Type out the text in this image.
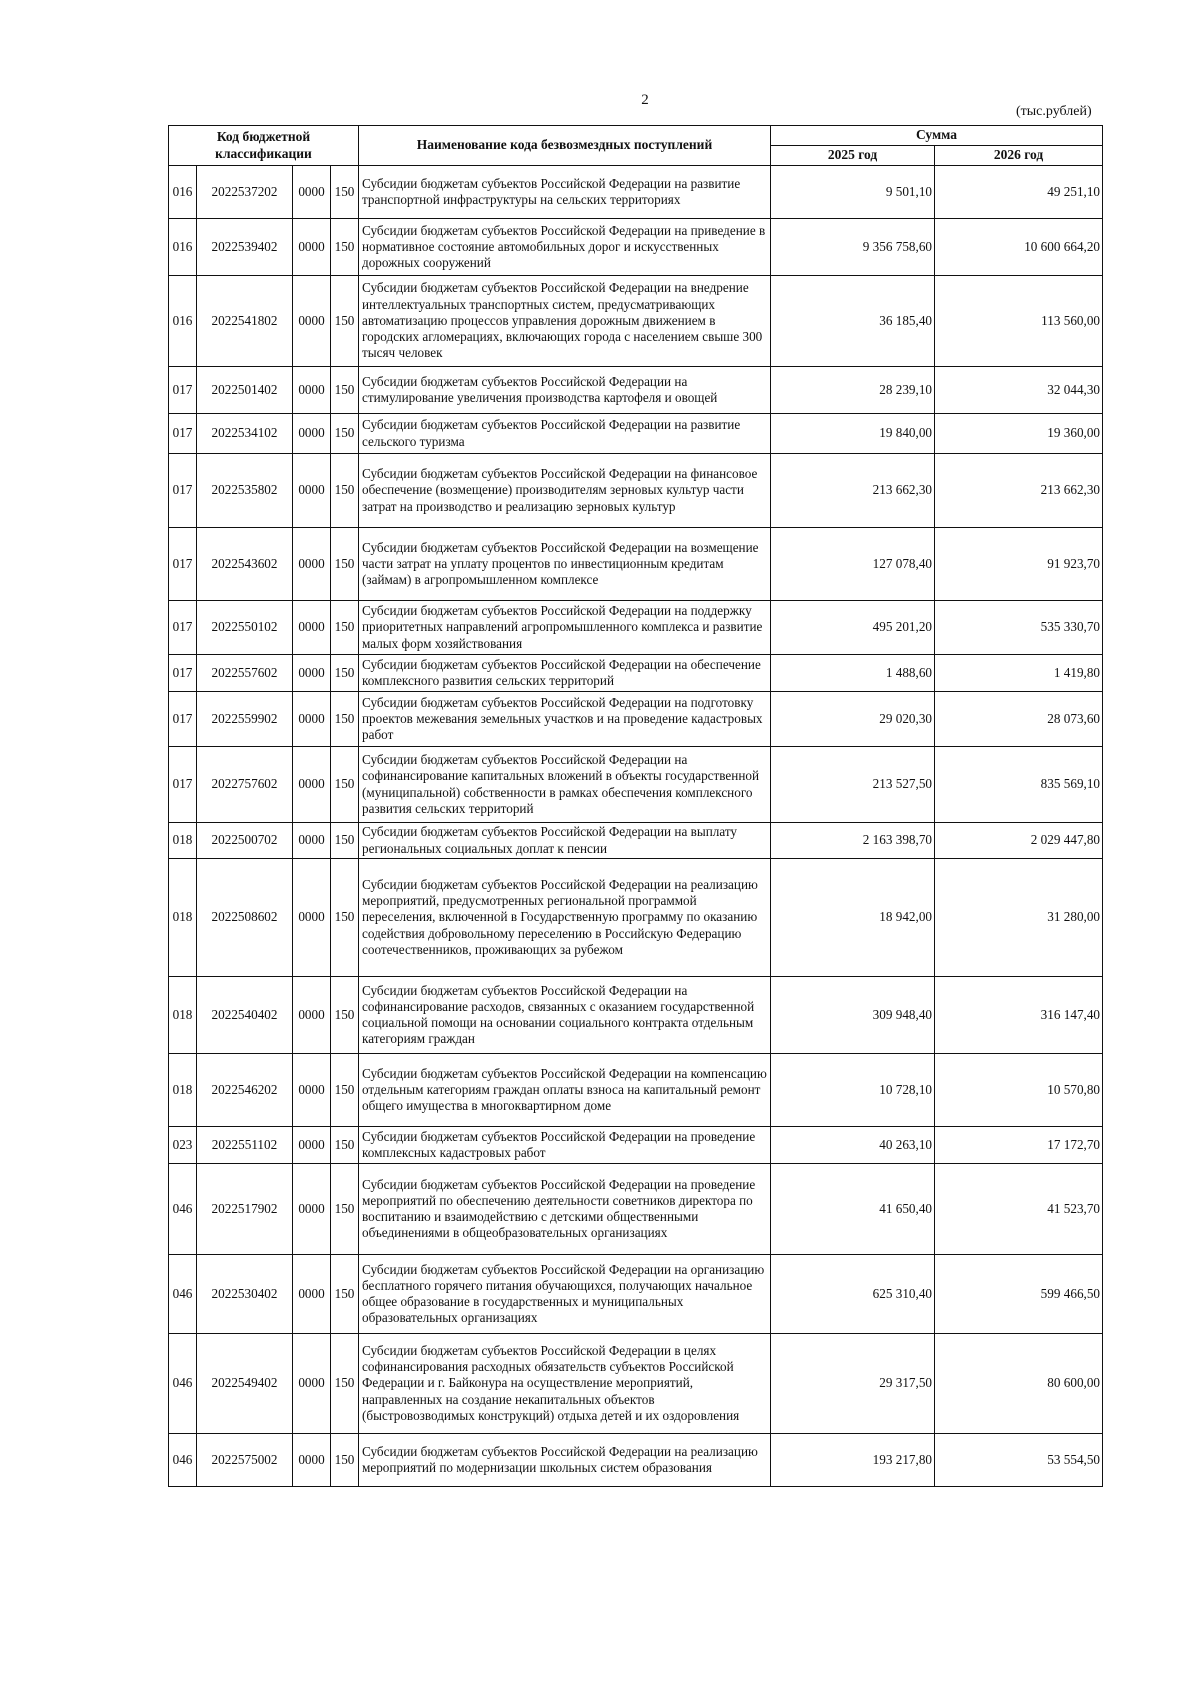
2
(тыс.рублей)
Код бюджетной классификации				Наименование кода безвозмездных поступлений	Сумма	
					2025 год	2026 год
016	2022537202	0000	150	Субсидии бюджетам субъектов Российской Федерации на развитие транспортной инфраструктуры на сельских территориях	9 501,10	49 251,10
016	2022539402	0000	150	Субсидии бюджетам субъектов Российской Федерации на приведение в нормативное состояние автомобильных дорог и искусственных дорожных сооружений	9 356 758,60	10 600 664,20
016	2022541802	0000	150	Субсидии бюджетам субъектов Российской Федерации на внедрение интеллектуальных транспортных систем, предусматривающих автоматизацию процессов управления дорожным движением в городских агломерациях, включающих города с населением свыше 300 тысяч человек	36 185,40	113 560,00
017	2022501402	0000	150	Субсидии бюджетам субъектов Российской Федерации на стимулирование увеличения производства картофеля и овощей	28 239,10	32 044,30
017	2022534102	0000	150	Субсидии бюджетам субъектов Российской Федерации на развитие сельского туризма	19 840,00	19 360,00
017	2022535802	0000	150	Субсидии бюджетам субъектов Российской Федерации на финансовое обеспечение (возмещение) производителям зерновых культур части затрат на производство и реализацию зерновых культур	213 662,30	213 662,30
017	2022543602	0000	150	Субсидии бюджетам субъектов Российской Федерации на возмещение части затрат на уплату процентов по инвестиционным кредитам (займам) в агропромышленном комплексе	127 078,40	91 923,70
017	2022550102	0000	150	Субсидии бюджетам субъектов Российской Федерации на поддержку приоритетных направлений агропромышленного комплекса и развитие малых форм хозяйствования	495 201,20	535 330,70
017	2022557602	0000	150	Субсидии бюджетам субъектов Российской Федерации на обеспечение комплексного развития сельских территорий	1 488,60	1 419,80
017	2022559902	0000	150	Субсидии бюджетам субъектов Российской Федерации на подготовку проектов межевания земельных участков и на проведение кадастровых работ	29 020,30	28 073,60
017	2022757602	0000	150	Субсидии бюджетам субъектов Российской Федерации на софинансирование капитальных вложений в объекты государственной (муниципальной) собственности в рамках обеспечения комплексного развития сельских территорий	213 527,50	835 569,10
018	2022500702	0000	150	Субсидии бюджетам субъектов Российской Федерации на выплату региональных социальных доплат к пенсии	2 163 398,70	2 029 447,80
018	2022508602	0000	150	Субсидии бюджетам субъектов Российской Федерации на реализацию мероприятий, предусмотренных региональной программой переселения, включенной в Государственную программу по оказанию содействия добровольному переселению в Российскую Федерацию соотечественников, проживающих за рубежом	18 942,00	31 280,00
018	2022540402	0000	150	Субсидии бюджетам субъектов Российской Федерации на софинансирование расходов, связанных с оказанием государственной социальной помощи на основании социального контракта отдельным категориям граждан	309 948,40	316 147,40
018	2022546202	0000	150	Субсидии бюджетам субъектов Российской Федерации на компенсацию отдельным категориям граждан оплаты взноса на капитальный ремонт общего имущества в многоквартирном доме	10 728,10	10 570,80
023	2022551102	0000	150	Субсидии бюджетам субъектов Российской Федерации на проведение комплексных кадастровых работ	40 263,10	17 172,70
046	2022517902	0000	150	Субсидии бюджетам субъектов Российской Федерации на проведение мероприятий по обеспечению деятельности советников директора по воспитанию и взаимодействию с детскими общественными объединениями в общеобразовательных организациях	41 650,40	41 523,70
046	2022530402	0000	150	Субсидии бюджетам субъектов Российской Федерации на организацию бесплатного горячего питания обучающихся, получающих начальное общее образование в государственных и муниципальных образовательных организациях	625 310,40	599 466,50
046	2022549402	0000	150	Субсидии бюджетам субъектов Российской Федерации в целях софинансирования расходных обязательств субъектов Российской Федерации и г. Байконура на осуществление мероприятий, направленных на создание некапитальных объектов (быстровозводимых конструкций) отдыха детей и их оздоровления	29 317,50	80 600,00
046	2022575002	0000	150	Субсидии бюджетам субъектов Российской Федерации на реализацию мероприятий по модернизации школьных систем образования	193 217,80	53 554,50
